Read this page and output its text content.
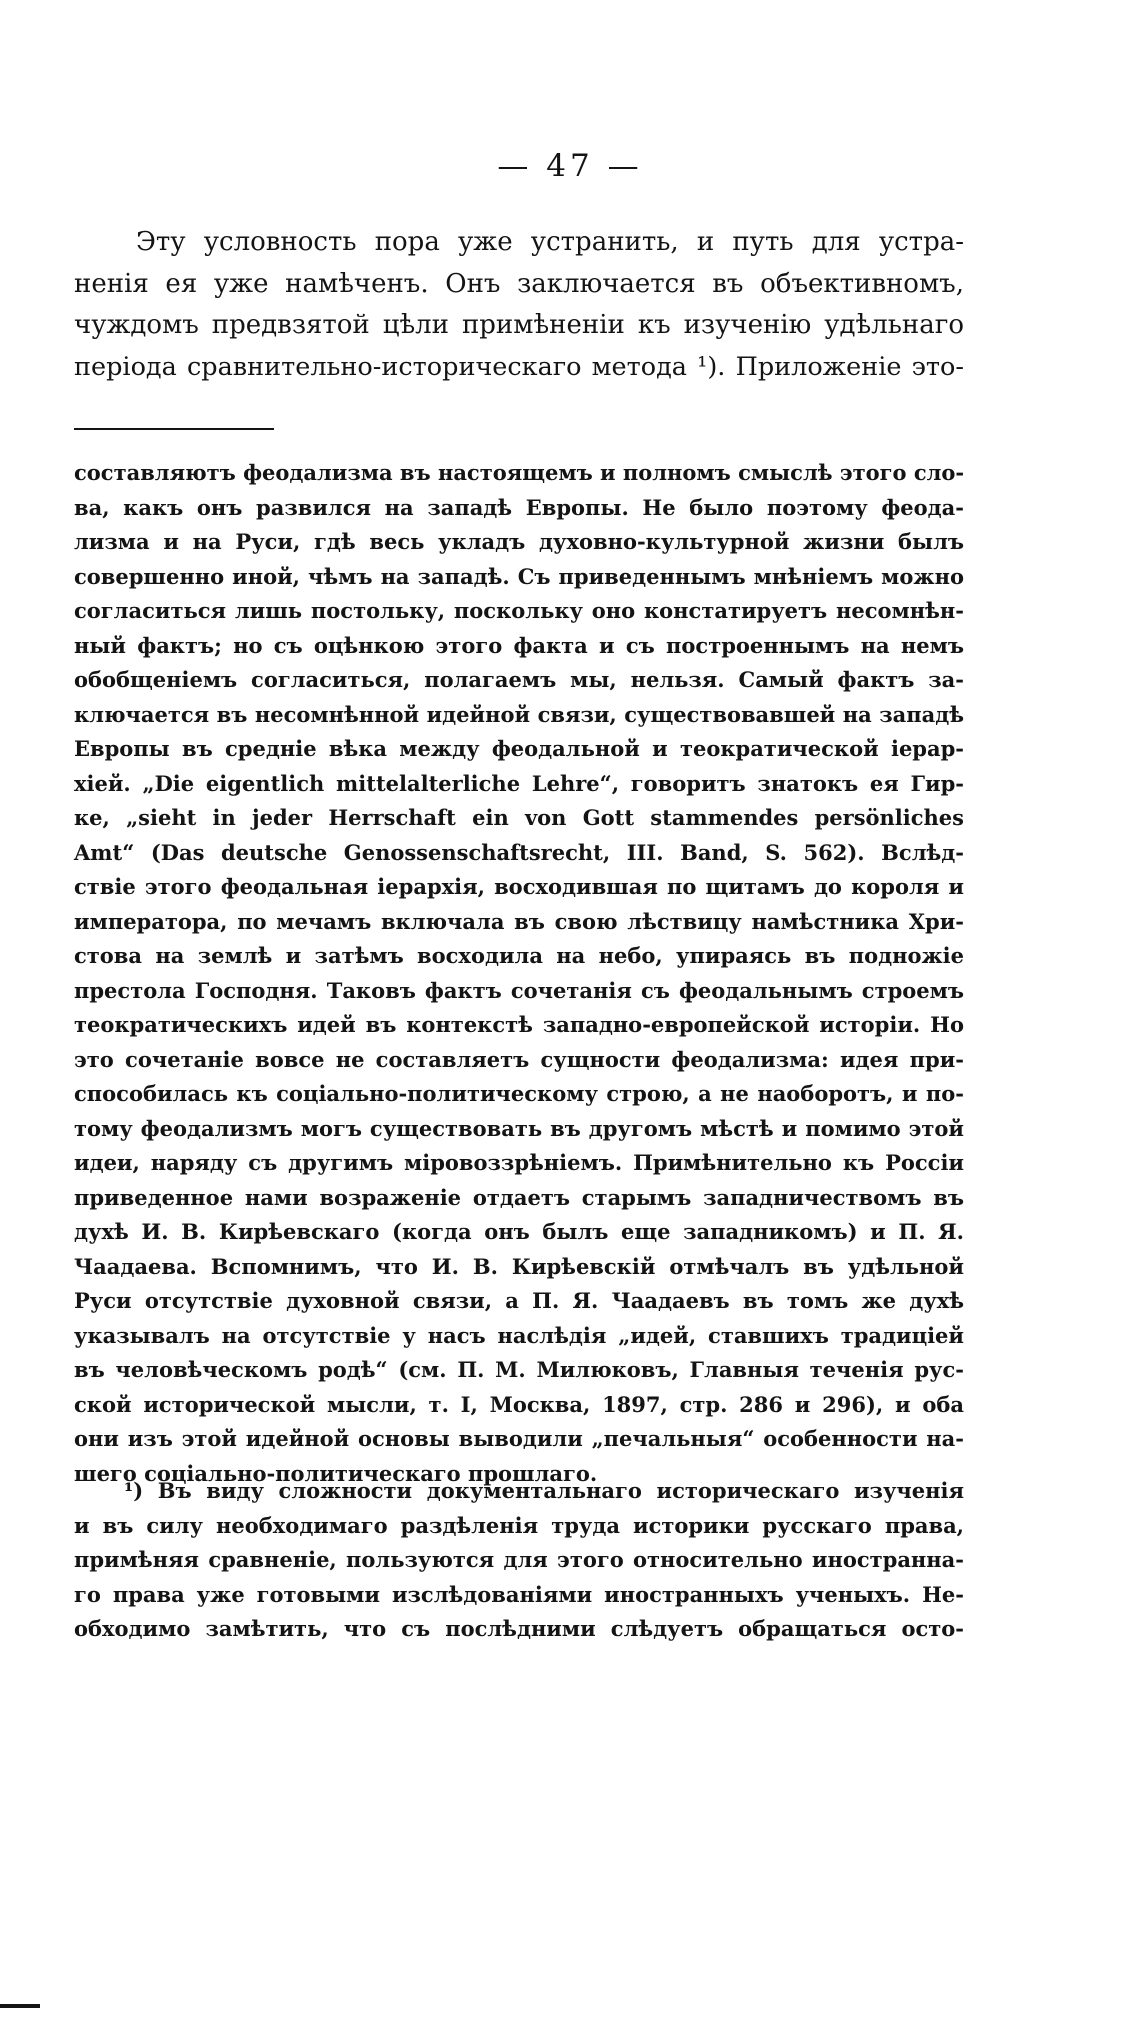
— 47 —
Эту условность пора уже устранить, и путь для устра-
ненія ея уже намѣченъ. Онъ заключается въ объективномъ,
чуждомъ предвзятой цѣли примѣненіи къ изученію удѣльнаго
періода сравнительно-историческаго метода ¹). Приложеніе это-
составляютъ феодализма въ настоящемъ и полномъ смыслѣ этого сло-
ва, какъ онъ развился на западѣ Европы. Не было поэтому феода-
лизма и на Руси, гдѣ весь укладъ духовно-культурной жизни былъ
совершенно иной, чѣмъ на западѣ. Съ приведеннымъ мнѣніемъ можно
согласиться лишь постольку, поскольку оно констатируетъ несомнѣн-
ный фактъ; но съ оцѣнкою этого факта и съ построеннымъ на немъ
обобщеніемъ согласиться, полагаемъ мы, нельзя. Самый фактъ за-
ключается въ несомнѣнной идейной связи, существовавшей на западѣ
Европы въ средніе вѣка между феодальной и теократической іерар-
хіей. „Die eigentlich mittelalterliche Lehre“, говоритъ знатокъ ея Гир-
ке, „sieht in jeder Herrschaft ein von Gott stammendes persönliches
Amt“ (Das deutsche Genossenschaftsrecht, III. Band, S. 562). Вслѣд-
ствіе этого феодальная іерархія, восходившая по щитамъ до короля и
императора, по мечамъ включала въ свою лѣствицу намѣстника Хри-
стова на землѣ и затѣмъ восходила на небо, упираясь въ подножіе
престола Господня. Таковъ фактъ сочетанія съ феодальнымъ строемъ
теократическихъ идей въ контекстѣ западно-европейской исторіи. Но
это сочетаніе вовсе не составляетъ сущности феодализма: идея при-
способилась къ соціально-политическому строю, а не наоборотъ, и по-
тому феодализмъ могъ существовать въ другомъ мѣстѣ и помимо этой
идеи, наряду съ другимъ міровоззрѣніемъ. Примѣнительно къ Россіи
приведенное нами возраженіе отдаетъ старымъ западничествомъ въ
духѣ И. В. Кирѣевскаго (когда онъ былъ еще западникомъ) и П. Я.
Чаадаева. Вспомнимъ, что И. В. Кирѣевскій отмѣчалъ въ удѣльной
Руси отсутствіе духовной связи, а П. Я. Чаадаевъ въ томъ же духѣ
указывалъ на отсутствіе у насъ наслѣдія „идей, ставшихъ традиціей
въ человѣческомъ родѣ“ (см. П. М. Милюковъ, Главныя теченія рус-
ской исторической мысли, т. I, Москва, 1897, стр. 286 и 296), и оба
они изъ этой идейной основы выводили „печальныя“ особенности на-
шего соціально-политическаго прошлаго.
¹) Въ виду сложности документальнаго историческаго изученія
и въ силу необходимаго раздѣленія труда историки русскаго права,
примѣняя сравненіе, пользуются для этого относительно иностранна-
го права уже готовыми изслѣдованіями иностранныхъ ученыхъ. Не-
обходимо замѣтить, что съ послѣдними слѣдуетъ обращаться осто-
